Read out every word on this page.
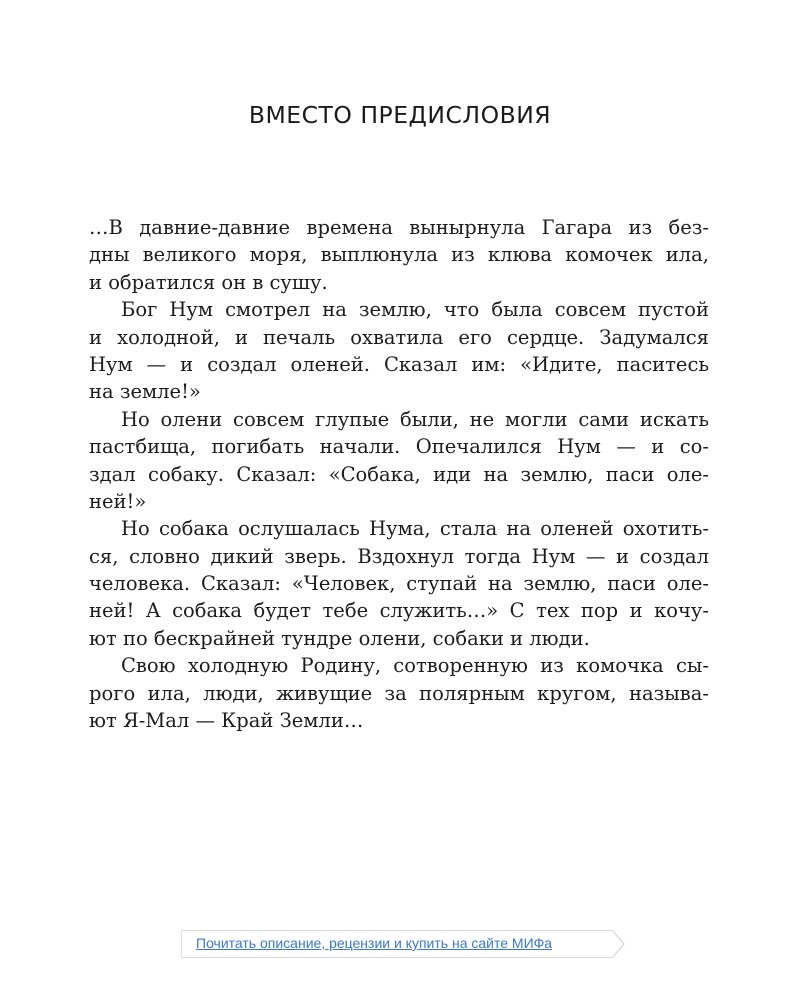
ВМЕСТО ПРЕДИСЛОВИЯ
…В давние-давние времена вынырнула Гагара из без-
дны великого моря, выплюнула из клюва комочек ила,
и обратился он в сушу.
Бог Нум смотрел на землю, что была совсем пустой
и холодной, и печаль охватила его сердце. Задумался
Нум — и создал оленей. Сказал им: «Идите, паситесь
на земле!»
Но олени совсем глупые были, не могли сами искать
пастбища, погибать начали. Опечалился Нум — и со-
здал собаку. Сказал: «Собака, иди на землю, паси оле-
ней!»
Но собака ослушалась Нума, стала на оленей охотить-
ся, словно дикий зверь. Вздохнул тогда Нум — и создал
человека. Сказал: «Человек, ступай на землю, паси оле-
ней! А собака будет тебе служить…» С тех пор и кочу-
ют по бескрайней тундре олени, собаки и люди.
Свою холодную Родину, сотворенную из комочка сы-
рого ила, люди, живущие за полярным кругом, называ-
ют Я-Мал — Край Земли…
Почитать описание, рецензии и купить на сайте МИФа
